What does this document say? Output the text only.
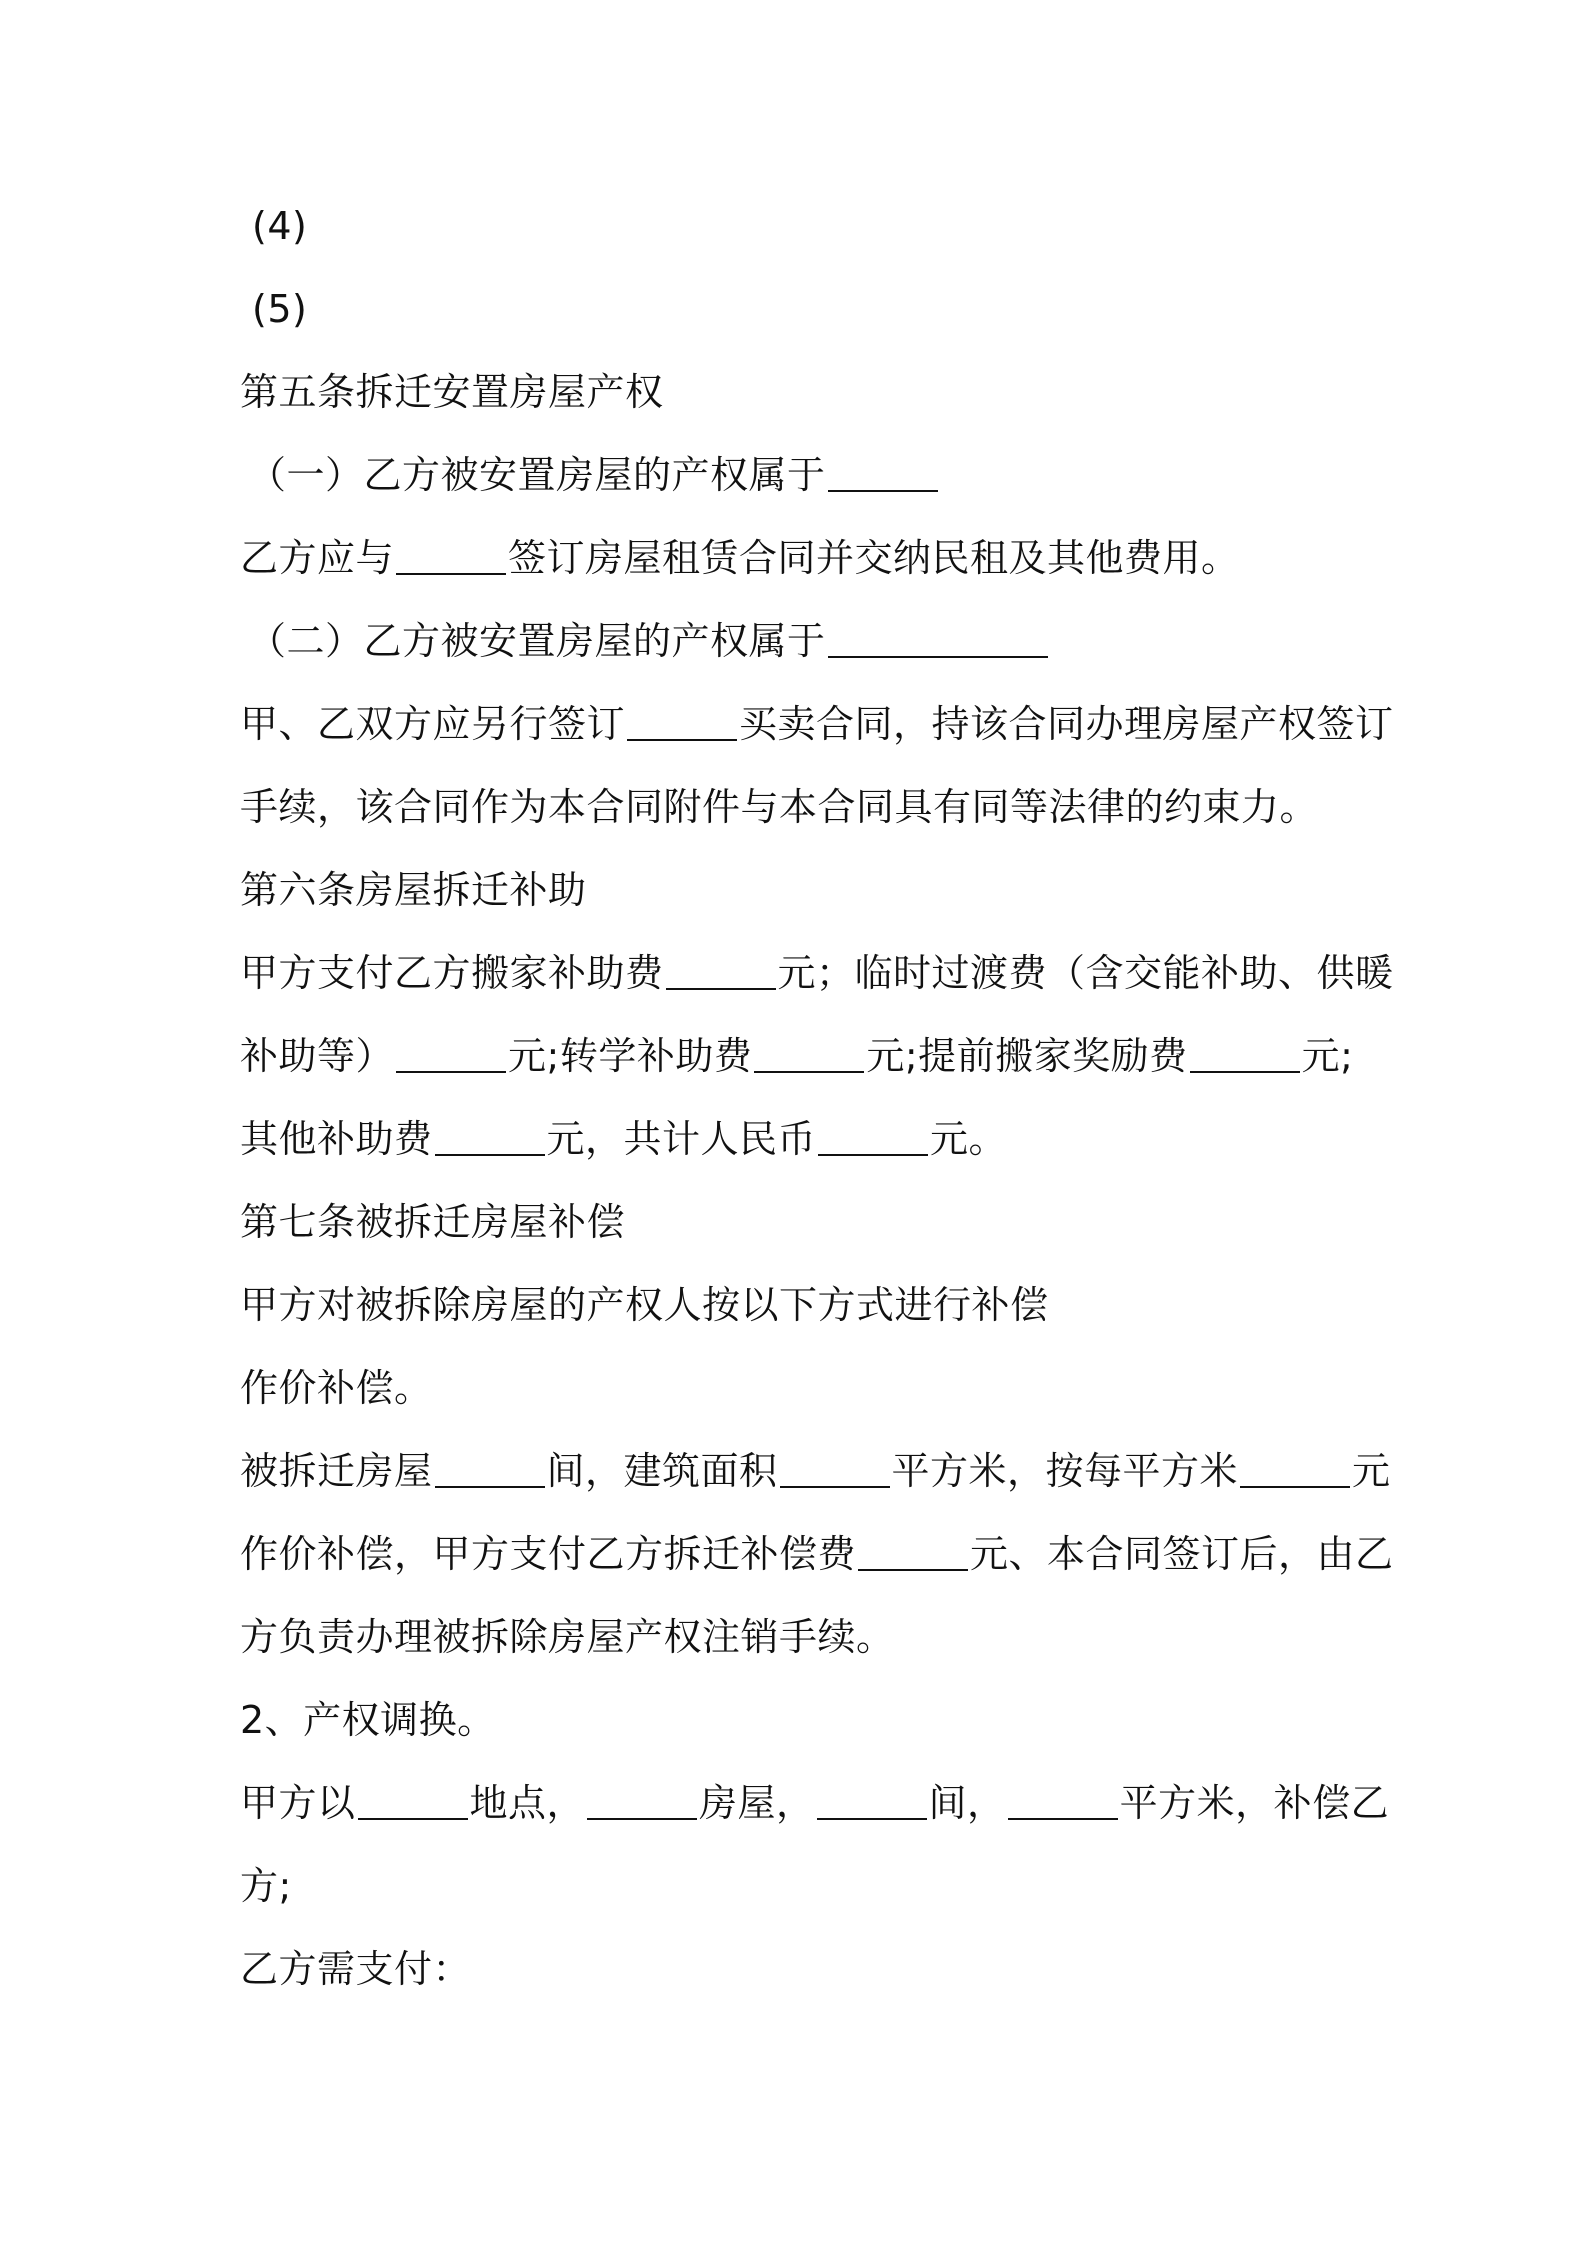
(4)
(5)
第五条拆迁安置房屋产权
（一）乙方被安置房屋的产权属于
乙方应与	签订房屋租赁合同并交纳民租及其他费用。
（二）乙方被安置房屋的产权属于
甲、乙双方应另行签订	买卖合同，持该合同办理房屋产权签订
手续，该合同作为本合同附件与本合同具有同等法律的约束力。
第六条房屋拆迁补助
甲方支付乙方搬家补助费	元；临时过渡费（含交能补助、供暖
补助等）	元;转学补助费	元;提前搬家奖励费	元;
其他补助费	元，共计人民币	元。
第七条被拆迁房屋补偿
甲方对被拆除房屋的产权人按以下方式进行补偿
作价补偿。
被拆迁房屋	间，建筑面积	平方米，按每平方米	元
作价补偿，甲方支付乙方拆迁补偿费	元、本合同签订后，由乙
方负责办理被拆除房屋产权注销手续。
2、产权调换。
甲方以	地点，	房屋，	间，	平方米，补偿乙
方;
乙方需支付：
